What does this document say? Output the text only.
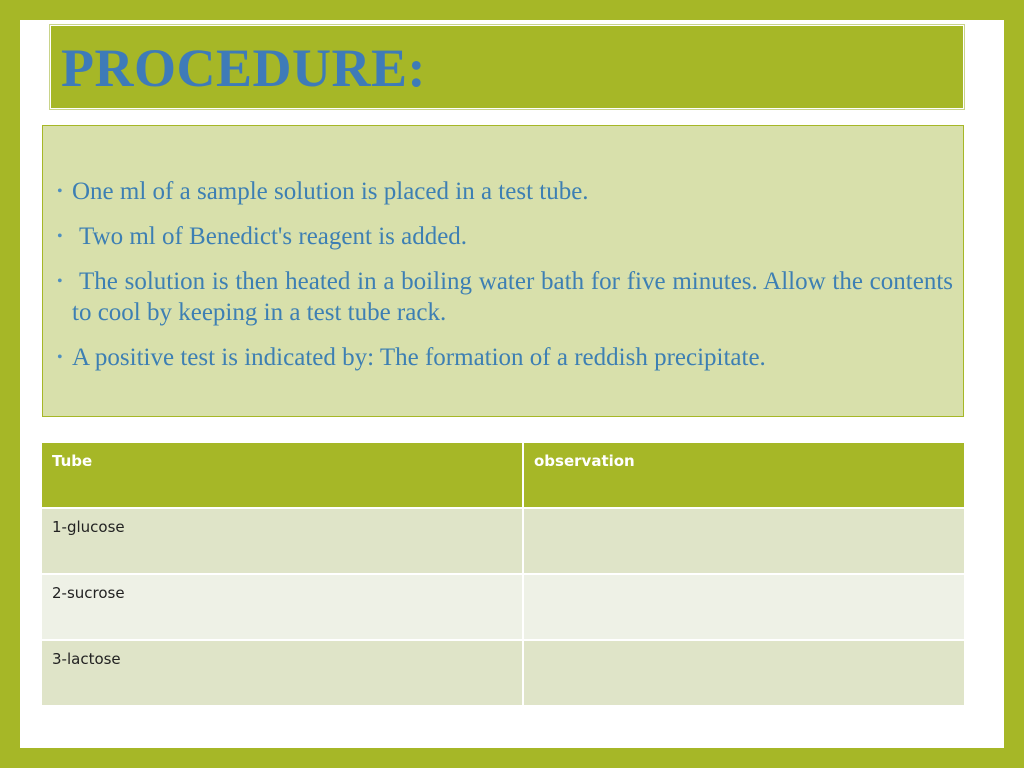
PROCEDURE:
• One ml of a sample solution is placed in a test tube.
• Two ml of Benedict's reagent is added.
• The solution is then heated in a boiling water bath for five minutes. Allow the contents to cool by keeping in a test tube rack.
• A positive test is indicated by: The formation of a reddish precipitate.
Tube	observation
1-glucose	
2-sucrose	
3-lactose	
